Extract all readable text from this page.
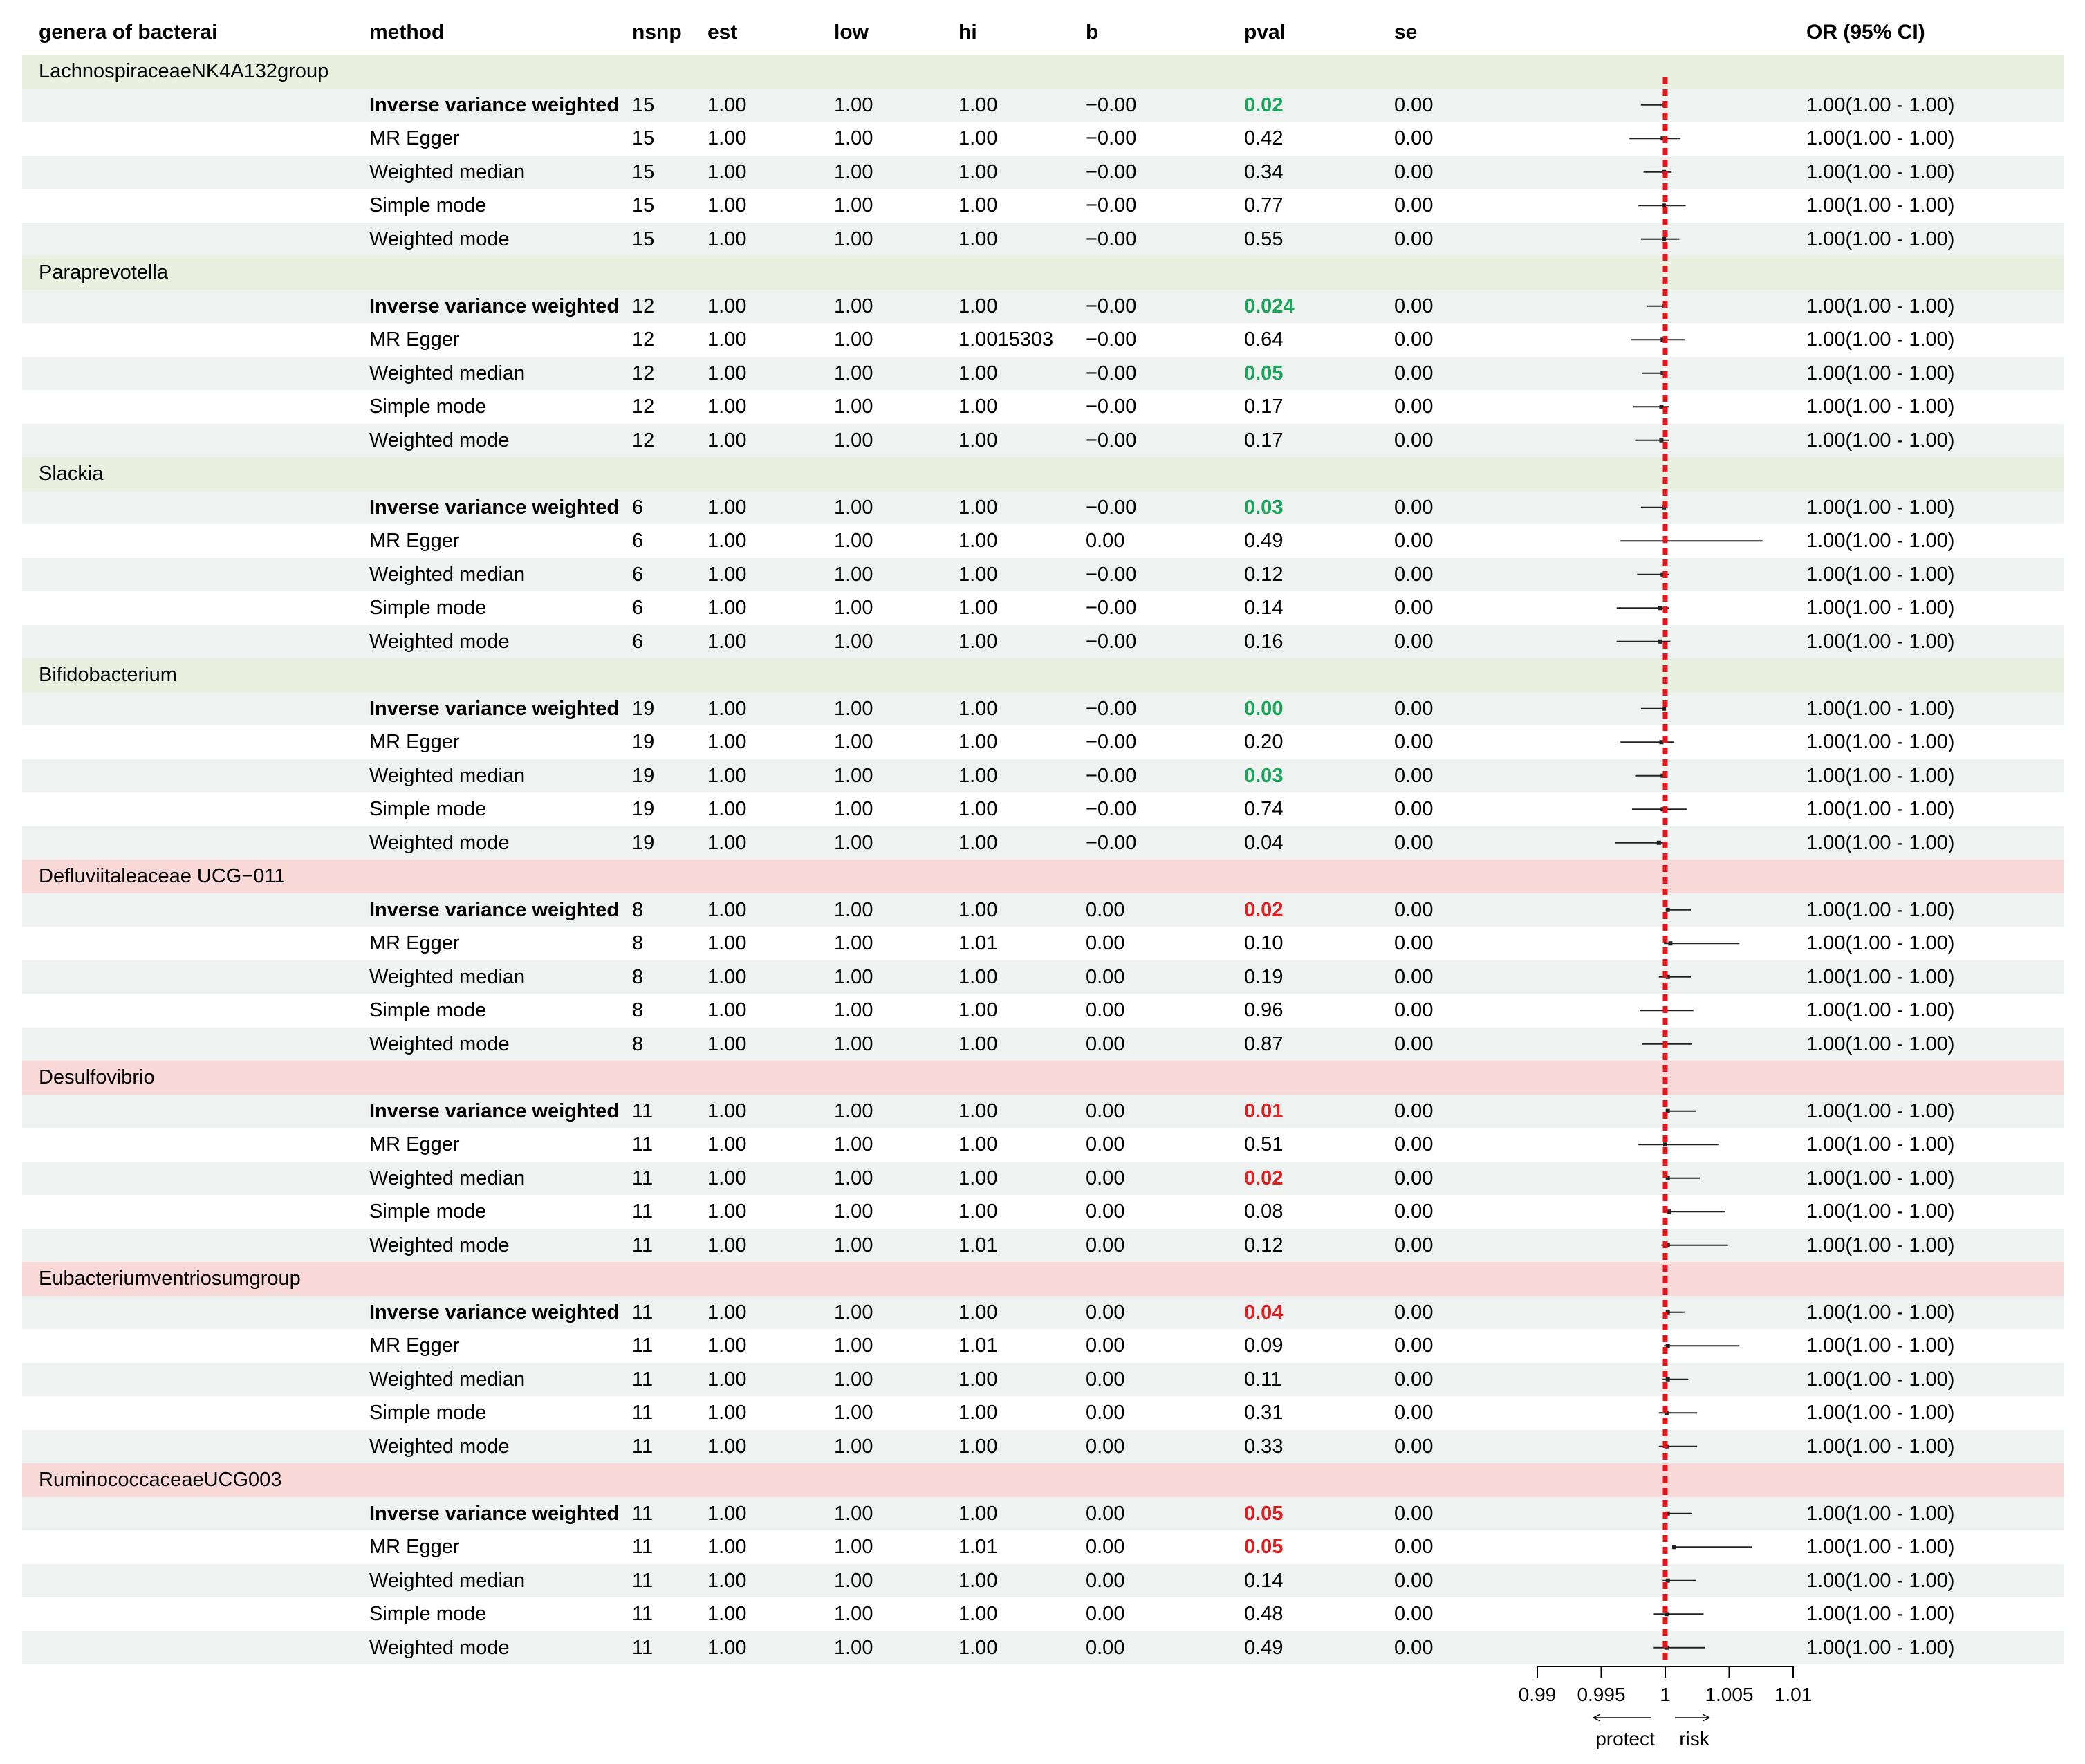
genera of bacterai	method	nsnp est	low	hi	b	pval	se	OR (95% CI)
LachnospiraceaeNK4A132group
Inverse variance weighted 15	1.00	1.00	1.00	−0.00	0.02	0.00	1.00(1.00 - 1.00)
MR Egger	15	1.00	1.00	1.00	−0.00	0.42	0.00	1.00(1.00 - 1.00)
Weighted median	15	1.00	1.00	1.00	−0.00	0.34	0.00	1.00(1.00 - 1.00)
Simple mode	15	1.00	1.00	1.00	−0.00	0.77	0.00	1.00(1.00 - 1.00)
Weighted mode	15	1.00	1.00	1.00	−0.00	0.55	0.00	1.00(1.00 - 1.00)
Paraprevotella
Inverse variance weighted 12	1.00	1.00	1.00	−0.00	0.024	0.00	1.00(1.00 - 1.00)
MR Egger	12	1.00	1.00	1.0015303 −0.00	0.64	0.00	1.00(1.00 - 1.00)
Weighted median	12	1.00	1.00	1.00	−0.00	0.05	0.00	1.00(1.00 - 1.00)
Simple mode	12	1.00	1.00	1.00	−0.00	0.17	0.00	1.00(1.00 - 1.00)
Weighted mode	12	1.00	1.00	1.00	−0.00	0.17	0.00	1.00(1.00 - 1.00)
Slackia
Inverse variance weighted 6	1.00	1.00	1.00	−0.00	0.03	0.00	1.00(1.00 - 1.00)
MR Egger	6	1.00	1.00	1.00	0.00	0.49	0.00	1.00(1.00 - 1.00)
Weighted median	6	1.00	1.00	1.00	−0.00	0.12	0.00	1.00(1.00 - 1.00)
Simple mode	6	1.00	1.00	1.00	−0.00	0.14	0.00	1.00(1.00 - 1.00)
Weighted mode	6	1.00	1.00	1.00	−0.00	0.16	0.00	1.00(1.00 - 1.00)
Bifidobacterium
Inverse variance weighted 19	1.00	1.00	1.00	−0.00	0.00	0.00	1.00(1.00 - 1.00)
MR Egger	19	1.00	1.00	1.00	−0.00	0.20	0.00	1.00(1.00 - 1.00)
Weighted median	19	1.00	1.00	1.00	−0.00	0.03	0.00	1.00(1.00 - 1.00)
Simple mode	19	1.00	1.00	1.00	−0.00	0.74	0.00	1.00(1.00 - 1.00)
Weighted mode	19	1.00	1.00	1.00	−0.00	0.04	0.00	1.00(1.00 - 1.00)
Defluviitaleaceae UCG−011
Inverse variance weighted 8	1.00	1.00	1.00	0.00	0.02	0.00	1.00(1.00 - 1.00)
MR Egger	8	1.00	1.00	1.01	0.00	0.10	0.00	1.00(1.00 - 1.00)
Weighted median	8	1.00	1.00	1.00	0.00	0.19	0.00	1.00(1.00 - 1.00)
Simple mode	8	1.00	1.00	1.00	0.00	0.96	0.00	1.00(1.00 - 1.00)
Weighted mode	8	1.00	1.00	1.00	0.00	0.87	0.00	1.00(1.00 - 1.00)
Desulfovibrio
Inverse variance weighted 11	1.00	1.00	1.00	0.00	0.01	0.00	1.00(1.00 - 1.00)
MR Egger	11	1.00	1.00	1.00	0.00	0.51	0.00	1.00(1.00 - 1.00)
Weighted median	11	1.00	1.00	1.00	0.00	0.02	0.00	1.00(1.00 - 1.00)
Simple mode	11	1.00	1.00	1.00	0.00	0.08	0.00	1.00(1.00 - 1.00)
Weighted mode	11	1.00	1.00	1.01	0.00	0.12	0.00	1.00(1.00 - 1.00)
Eubacteriumventriosumgroup
Inverse variance weighted 11	1.00	1.00	1.00	0.00	0.04	0.00	1.00(1.00 - 1.00)
MR Egger	11	1.00	1.00	1.01	0.00	0.09	0.00	1.00(1.00 - 1.00)
Weighted median	11	1.00	1.00	1.00	0.00	0.11	0.00	1.00(1.00 - 1.00)
Simple mode	11	1.00	1.00	1.00	0.00	0.31	0.00	1.00(1.00 - 1.00)
Weighted mode	11	1.00	1.00	1.00	0.00	0.33	0.00	1.00(1.00 - 1.00)
RuminococcaceaeUCG003
Inverse variance weighted 11	1.00	1.00	1.00	0.00	0.05	0.00	1.00(1.00 - 1.00)
MR Egger	11	1.00	1.00	1.01	0.00	0.05	0.00	1.00(1.00 - 1.00)
Weighted median	11	1.00	1.00	1.00	0.00	0.14	0.00	1.00(1.00 - 1.00)
Simple mode	11	1.00	1.00	1.00	0.00	0.48	0.00	1.00(1.00 - 1.00)
Weighted mode	11	1.00	1.00	1.00	0.00	0.49	0.00	1.00(1.00 - 1.00)
0.99 0.995 1 1.005 1.01
protect risk
